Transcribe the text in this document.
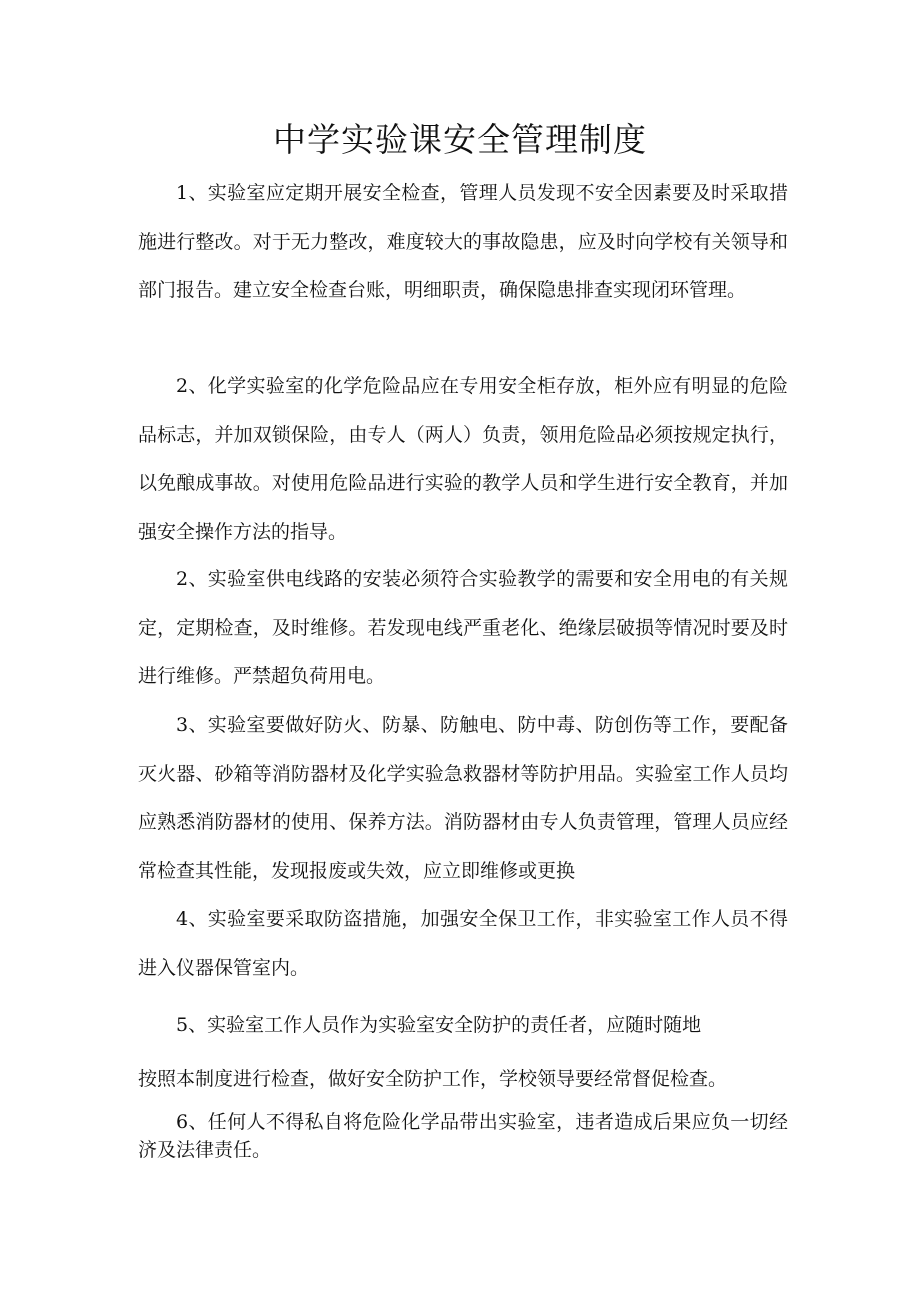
中学实验课安全管理制度

1、实验室应定期开展安全检查，管理人员发现不安全因素要及时采取措施进行整改。对于无力整改，难度较大的事故隐患，应及时向学校有关领导和部门报告。建立安全检查台账，明细职责，确保隐患排查实现闭环管理。

2、化学实验室的化学危险品应在专用安全柜存放，柜外应有明显的危险品标志，并加双锁保险，由专人（两人）负责，领用危险品必须按规定执行，以免酿成事故。对使用危险品进行实验的教学人员和学生进行安全教育，并加强安全操作方法的指导。

2、实验室供电线路的安装必须符合实验教学的需要和安全用电的有关规定，定期检查，及时维修。若发现电线严重老化、绝缘层破损等情况时要及时进行维修。严禁超负荷用电。

3、实验室要做好防火、防暴、防触电、防中毒、防创伤等工作，要配备灭火器、砂箱等消防器材及化学实验急救器材等防护用品。实验室工作人员均应熟悉消防器材的使用、保养方法。消防器材由专人负责管理，管理人员应经常检查其性能，发现报废或失效，应立即维修或更换

4、实验室要采取防盗措施，加强安全保卫工作，非实验室工作人员不得进入仪器保管室内。

5、实验室工作人员作为实验室安全防护的责任者，应随时随地

按照本制度进行检查，做好安全防护工作，学校领导要经常督促检查。

6、任何人不得私自将危险化学品带出实验室，违者造成后果应负一切经济及法律责任。
